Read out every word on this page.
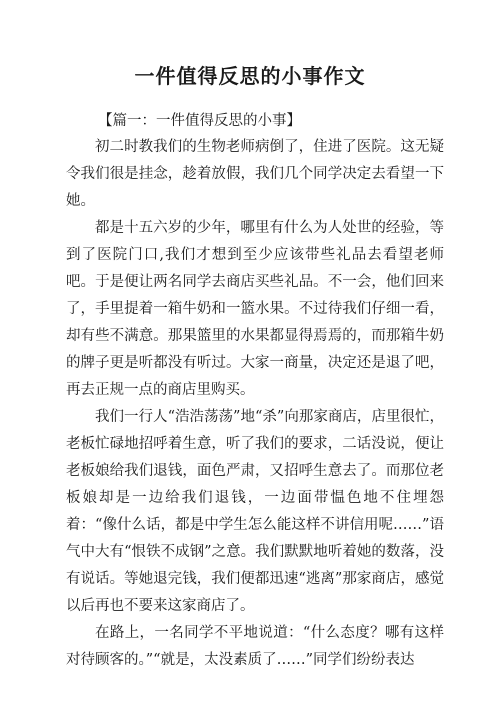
一件值得反思的小事作文
【篇一：一件值得反思的小事】

初二时教我们的生物老师病倒了，住进了医院。这无疑令我们很是挂念，趁着放假，我们几个同学决定去看望一下她。

都是十五六岁的少年，哪里有什么为人处世的经验，等到了医院门口,我们才想到至少应该带些礼品去看望老师吧。于是便让两名同学去商店买些礼品。不一会，他们回来了，手里提着一箱牛奶和一篮水果。不过待我们仔细一看，却有些不满意。那果篮里的水果都显得焉焉的，而那箱牛奶的牌子更是听都没有听过。大家一商量，决定还是退了吧，再去正规一点的商店里购买。

我们一行人“浩浩荡荡”地“杀”向那家商店，店里很忙，老板忙碌地招呼着生意，听了我们的要求，二话没说，便让老板娘给我们退钱，面色严肃，又招呼生意去了。而那位老板娘却是一边给我们退钱，一边面带愠色地不住埋怨着：“像什么话，都是中学生怎么能这样不讲信用呢……”语气中大有“恨铁不成钢”之意。我们默默地听着她的数落，没有说话。等她退完钱，我们便都迅速“逃离”那家商店，感觉以后再也不要来这家商店了。

在路上，一名同学不平地说道：“什么态度？哪有这样对待顾客的。”“就是，太没素质了……”同学们纷纷表达
